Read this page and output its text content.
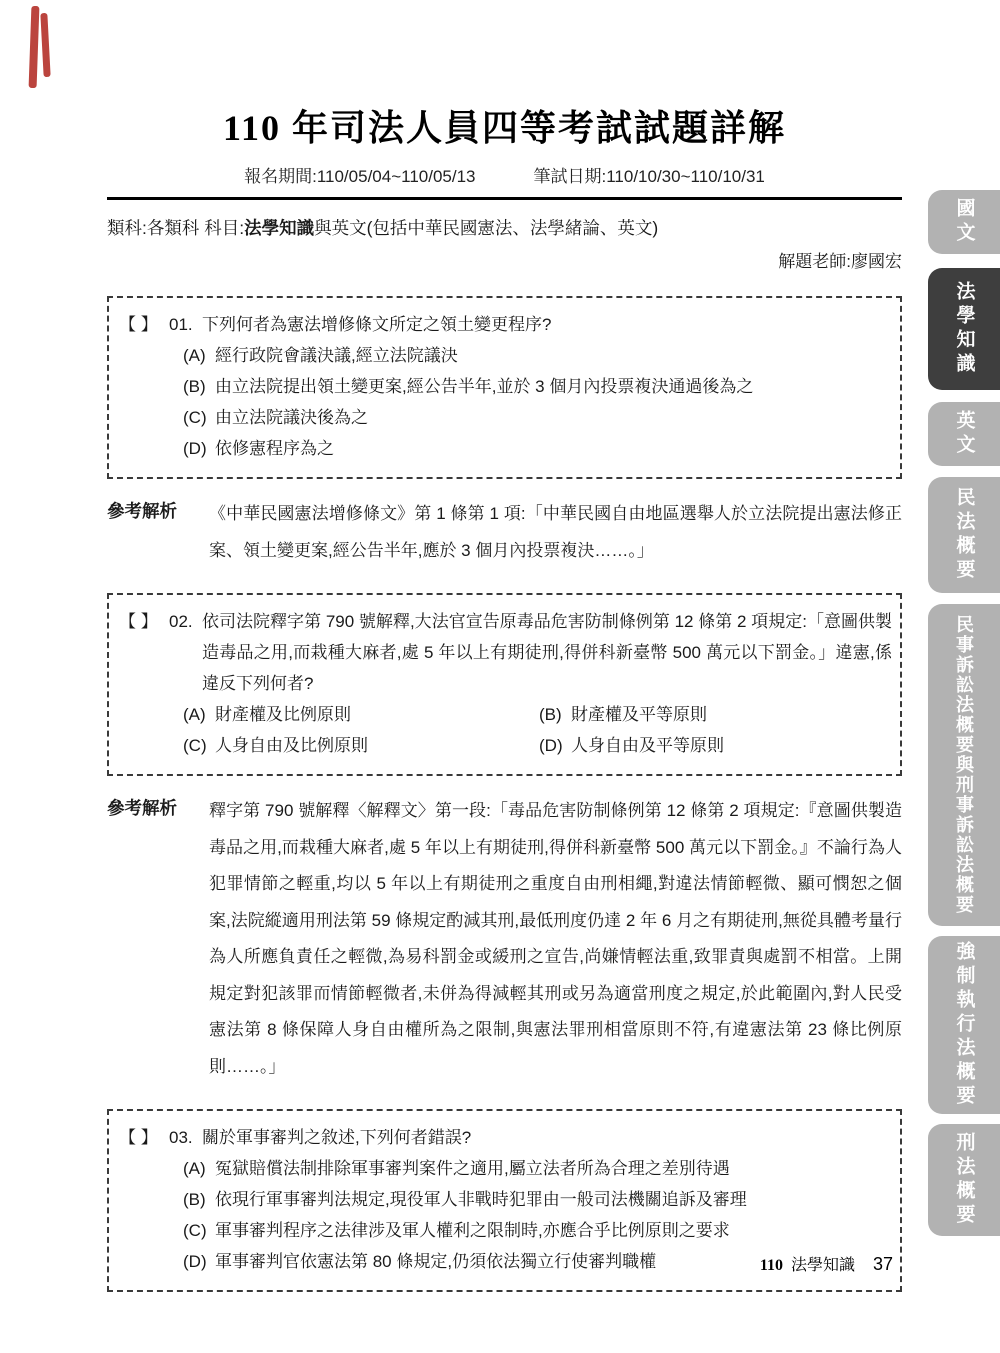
110 年司法人員四等考試試題詳解
報名期間:110/05/04~110/05/13	筆試日期:110/10/30~110/10/31
類科:各類科 科目:法學知識與英文(包括中華民國憲法、法學緒論、英文)
解題老師:廖國宏
【 】 01. 下列何者為憲法增修條文所定之領土變更程序?
(A) 經行政院會議決議,經立法院議決
(B) 由立法院提出領土變更案,經公告半年,並於 3 個月內投票複決通過後為之
(C) 由立法院議決後為之
(D) 依修憲程序為之
參考解析	《中華民國憲法增修條文》第 1 條第 1 項:「中華民國自由地區選舉人於立法院提出憲法修正案、領土變更案,經公告半年,應於 3 個月內投票複決……。」
【 】 02. 依司法院釋字第 790 號解釋,大法官宣告原毒品危害防制條例第 12 條第 2 項規定:「意圖供製造毒品之用,而栽種大麻者,處 5 年以上有期徒刑,得併科新臺幣 500 萬元以下罰金。」違憲,係違反下列何者?
(A) 財產權及比例原則	(B) 財產權及平等原則
(C) 人身自由及比例原則	(D) 人身自由及平等原則
參考解析	釋字第 790 號解釋〈解釋文〉第一段:「毒品危害防制條例第 12 條第 2 項規定:『意圖供製造毒品之用,而栽種大麻者,處 5 年以上有期徒刑,得併科新臺幣 500 萬元以下罰金。』不論行為人犯罪情節之輕重,均以 5 年以上有期徒刑之重度自由刑相繩,對違法情節輕微、顯可憫恕之個案,法院縱適用刑法第 59 條規定酌減其刑,最低刑度仍達 2 年 6 月之有期徒刑,無從具體考量行為人所應負責任之輕微,為易科罰金或緩刑之宣告,尚嫌情輕法重,致罪責與處罰不相當。上開規定對犯該罪而情節輕微者,未併為得減輕其刑或另為適當刑度之規定,於此範圍內,對人民受憲法第 8 條保障人身自由權所為之限制,與憲法罪刑相當原則不符,有違憲法第 23 條比例原則……。」
【 】 03. 關於軍事審判之敘述,下列何者錯誤?
(A) 冤獄賠償法制排除軍事審判案件之適用,屬立法者所為合理之差別待遇
(B) 依現行軍事審判法規定,現役軍人非戰時犯罪由一般司法機關追訴及審理
(C) 軍事審判程序之法律涉及軍人權利之限制時,亦應合乎比例原則之要求
(D) 軍事審判官依憲法第 80 條規定,仍須依法獨立行使審判職權
國文
法學知識
英文
民法概要
民事訴訟法概要與刑事訴訟法概要
強制執行法概要
刑法概要
110 法學知識 37
